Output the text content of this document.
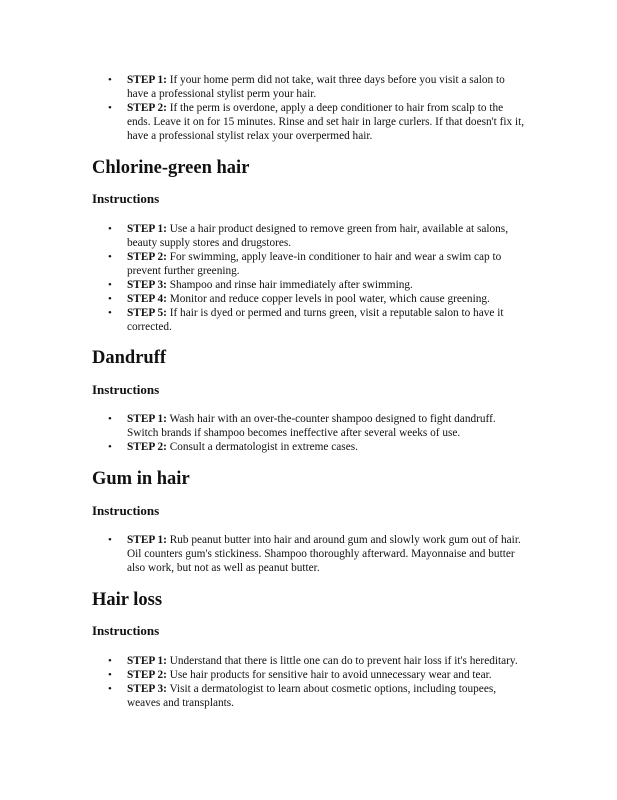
• STEP 1: If your home perm did not take, wait three days before you visit a salon to have a professional stylist perm your hair.
• STEP 2: If the perm is overdone, apply a deep conditioner to hair from scalp to the ends. Leave it on for 15 minutes. Rinse and set hair in large curlers. If that doesn't fix it, have a professional stylist relax your overpermed hair.
Chlorine-green hair
Instructions
• STEP 1: Use a hair product designed to remove green from hair, available at salons, beauty supply stores and drugstores.
• STEP 2: For swimming, apply leave-in conditioner to hair and wear a swim cap to prevent further greening.
• STEP 3: Shampoo and rinse hair immediately after swimming.
• STEP 4: Monitor and reduce copper levels in pool water, which cause greening.
• STEP 5: If hair is dyed or permed and turns green, visit a reputable salon to have it corrected.
Dandruff
Instructions
• STEP 1: Wash hair with an over-the-counter shampoo designed to fight dandruff. Switch brands if shampoo becomes ineffective after several weeks of use.
• STEP 2: Consult a dermatologist in extreme cases.
Gum in hair
Instructions
• STEP 1: Rub peanut butter into hair and around gum and slowly work gum out of hair. Oil counters gum's stickiness. Shampoo thoroughly afterward. Mayonnaise and butter also work, but not as well as peanut butter.
Hair loss
Instructions
• STEP 1: Understand that there is little one can do to prevent hair loss if it's hereditary.
• STEP 2: Use hair products for sensitive hair to avoid unnecessary wear and tear.
• STEP 3: Visit a dermatologist to learn about cosmetic options, including toupees, weaves and transplants.
